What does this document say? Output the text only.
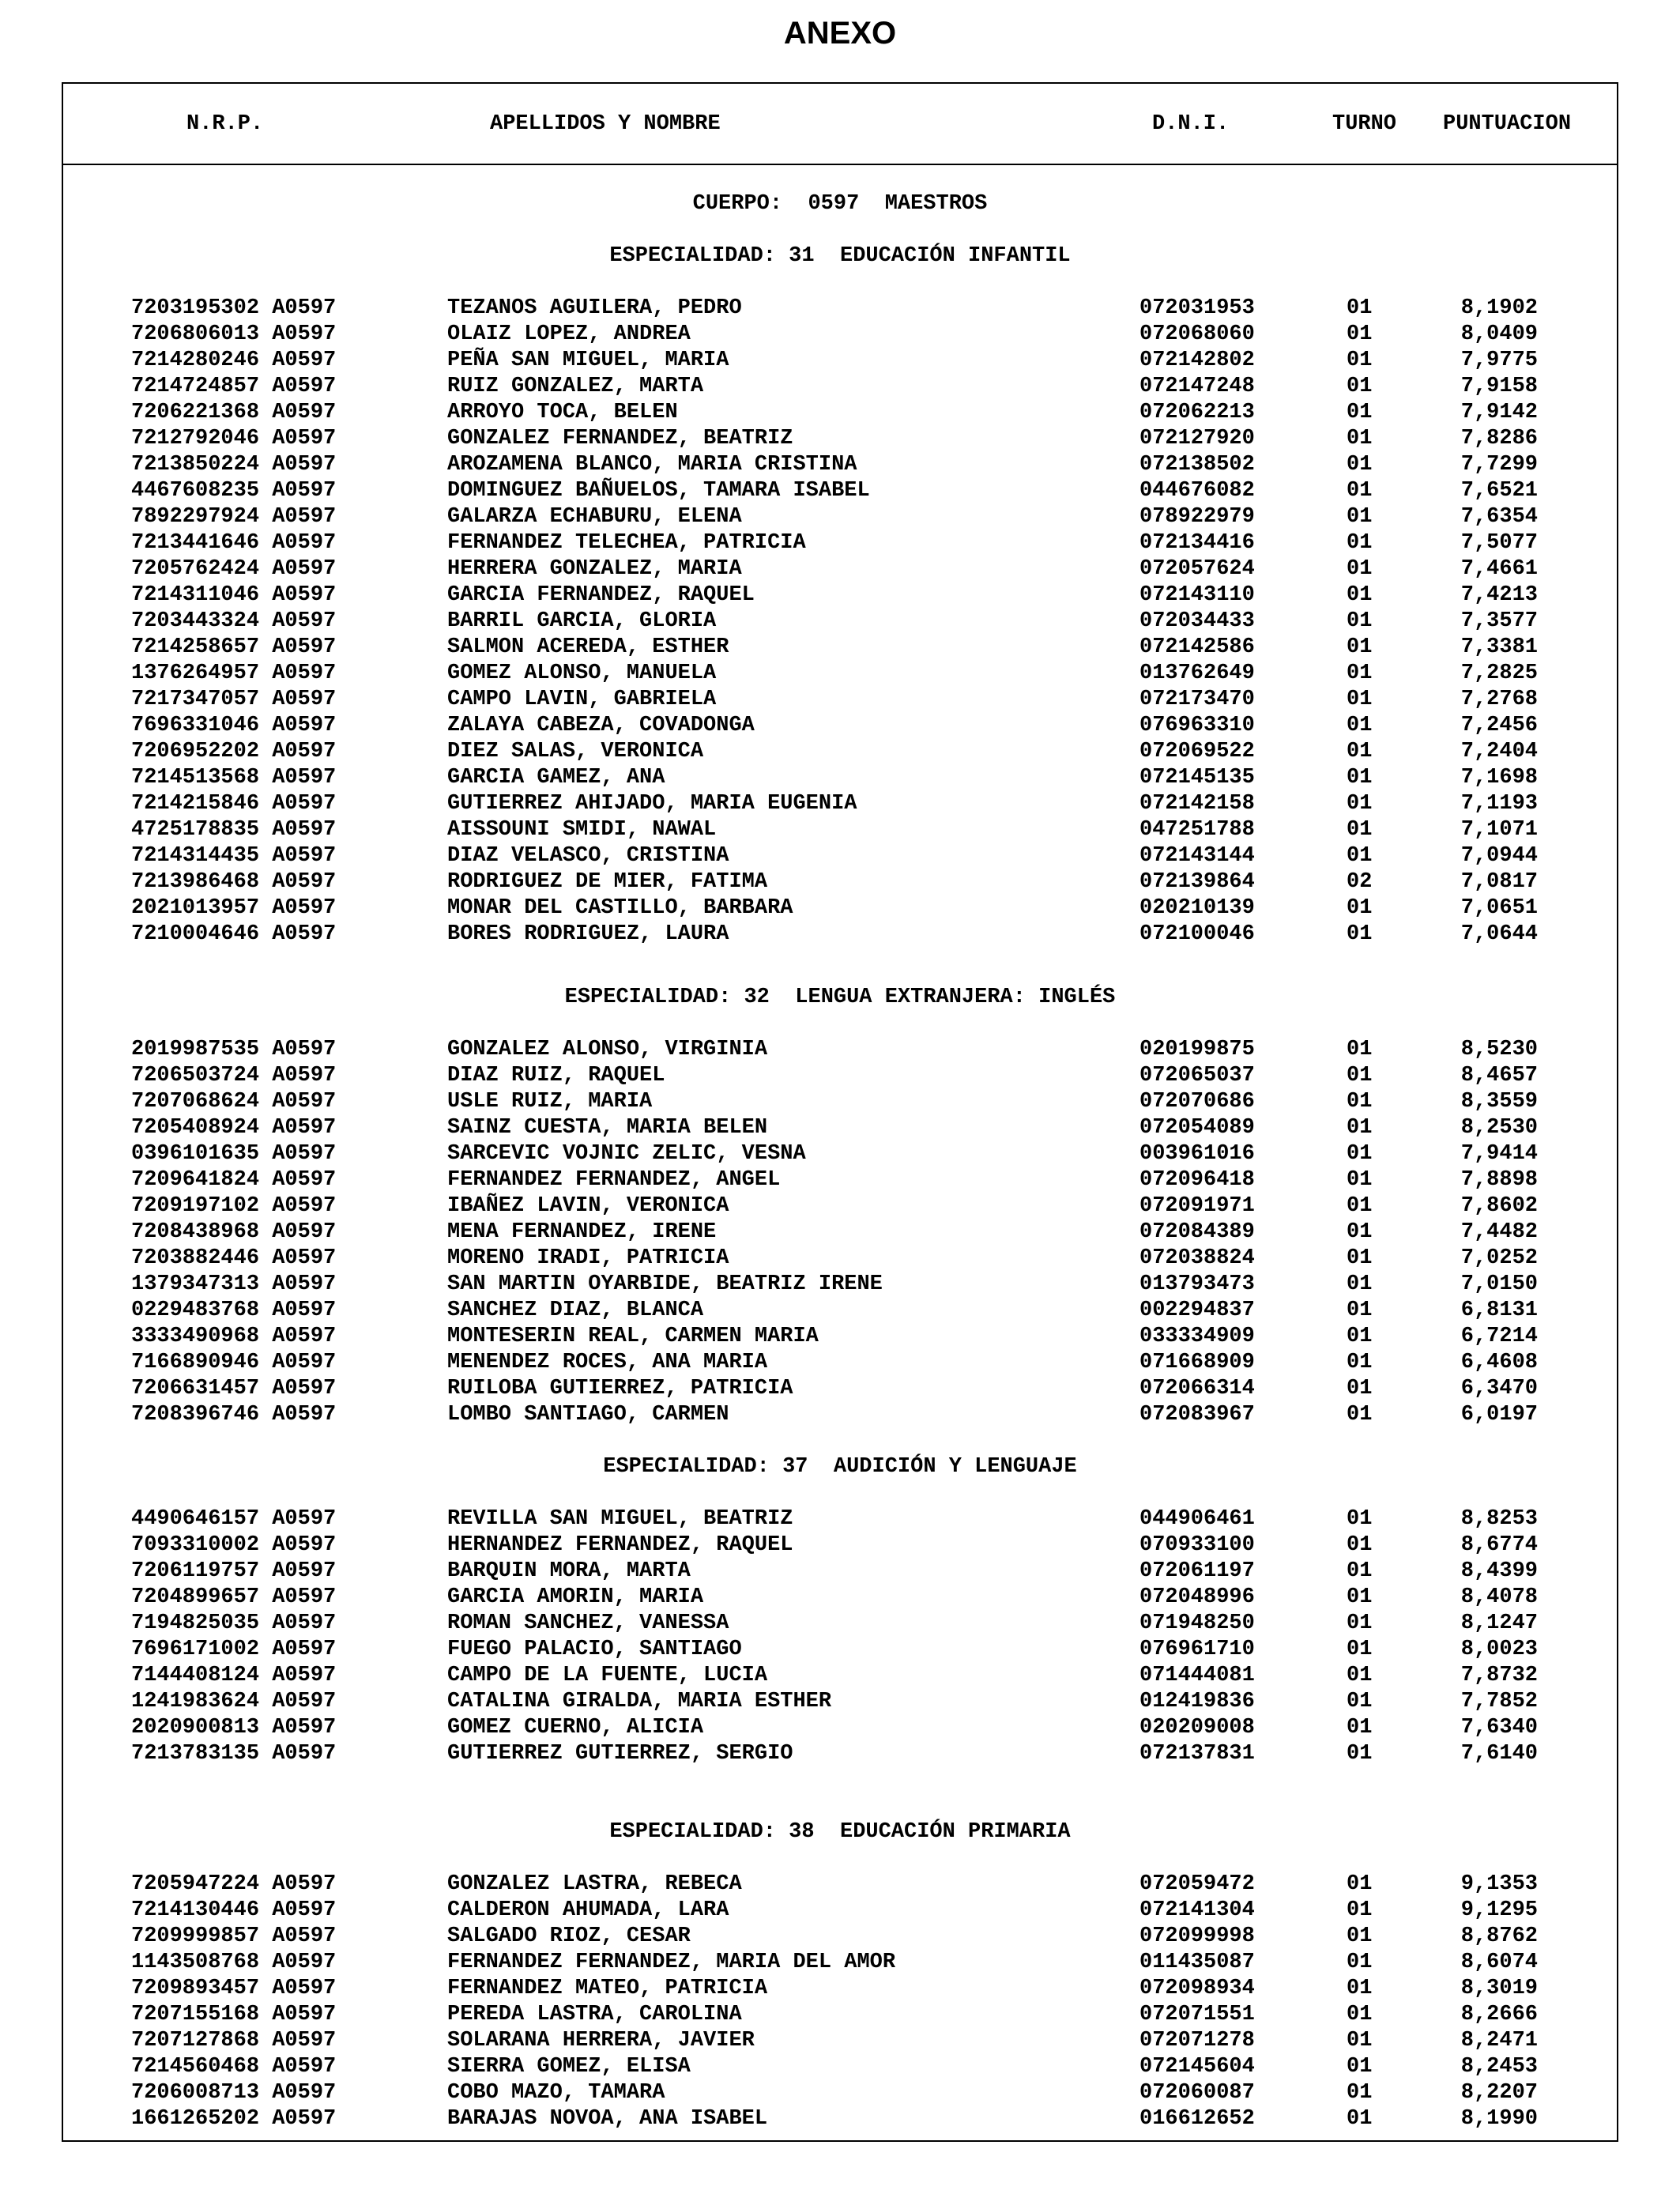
ANEXO
N.R.P.	APELLIDOS Y NOMBRE	D.N.I.	TURNO PUNTUACION
CUERPO:  0597  MAESTROS
ESPECIALIDAD: 31  EDUCACIÓN INFANTIL
7203195302 A0597	TEZANOS AGUILERA, PEDRO	072031953	01	8,1902
7206806013 A0597	OLAIZ LOPEZ, ANDREA	072068060	01	8,0409
7214280246 A0597	PEÑA SAN MIGUEL, MARIA	072142802	01	7,9775
7214724857 A0597	RUIZ GONZALEZ, MARTA	072147248	01	7,9158
7206221368 A0597	ARROYO TOCA, BELEN	072062213	01	7,9142
7212792046 A0597	GONZALEZ FERNANDEZ, BEATRIZ	072127920	01	7,8286
7213850224 A0597	AROZAMENA BLANCO, MARIA CRISTINA	072138502	01	7,7299
4467608235 A0597	DOMINGUEZ BAÑUELOS, TAMARA ISABEL	044676082	01	7,6521
7892297924 A0597	GALARZA ECHABURU, ELENA	078922979	01	7,6354
7213441646 A0597	FERNANDEZ TELECHEA, PATRICIA	072134416	01	7,5077
7205762424 A0597	HERRERA GONZALEZ, MARIA	072057624	01	7,4661
7214311046 A0597	GARCIA FERNANDEZ, RAQUEL	072143110	01	7,4213
7203443324 A0597	BARRIL GARCIA, GLORIA	072034433	01	7,3577
7214258657 A0597	SALMON ACEREDA, ESTHER	072142586	01	7,3381
1376264957 A0597	GOMEZ ALONSO, MANUELA	013762649	01	7,2825
7217347057 A0597	CAMPO LAVIN, GABRIELA	072173470	01	7,2768
7696331046 A0597	ZALAYA CABEZA, COVADONGA	076963310	01	7,2456
7206952202 A0597	DIEZ SALAS, VERONICA	072069522	01	7,2404
7214513568 A0597	GARCIA GAMEZ, ANA	072145135	01	7,1698
7214215846 A0597	GUTIERREZ AHIJADO, MARIA EUGENIA	072142158	01	7,1193
4725178835 A0597	AISSOUNI SMIDI, NAWAL	047251788	01	7,1071
7214314435 A0597	DIAZ VELASCO, CRISTINA	072143144	01	7,0944
7213986468 A0597	RODRIGUEZ DE MIER, FATIMA	072139864	02	7,0817
2021013957 A0597	MONAR DEL CASTILLO, BARBARA	020210139	01	7,0651
7210004646 A0597	BORES RODRIGUEZ, LAURA	072100046	01	7,0644
ESPECIALIDAD: 32  LENGUA EXTRANJERA: INGLÉS
2019987535 A0597	GONZALEZ ALONSO, VIRGINIA	020199875	01	8,5230
7206503724 A0597	DIAZ RUIZ, RAQUEL	072065037	01	8,4657
7207068624 A0597	USLE RUIZ, MARIA	072070686	01	8,3559
7205408924 A0597	SAINZ CUESTA, MARIA BELEN	072054089	01	8,2530
0396101635 A0597	SARCEVIC VOJNIC ZELIC, VESNA	003961016	01	7,9414
7209641824 A0597	FERNANDEZ FERNANDEZ, ANGEL	072096418	01	7,8898
7209197102 A0597	IBAÑEZ LAVIN, VERONICA	072091971	01	7,8602
7208438968 A0597	MENA FERNANDEZ, IRENE	072084389	01	7,4482
7203882446 A0597	MORENO IRADI, PATRICIA	072038824	01	7,0252
1379347313 A0597	SAN MARTIN OYARBIDE, BEATRIZ IRENE	013793473	01	7,0150
0229483768 A0597	SANCHEZ DIAZ, BLANCA	002294837	01	6,8131
3333490968 A0597	MONTESERIN REAL, CARMEN MARIA	033334909	01	6,7214
7166890946 A0597	MENENDEZ ROCES, ANA MARIA	071668909	01	6,4608
7206631457 A0597	RUILOBA GUTIERREZ, PATRICIA	072066314	01	6,3470
7208396746 A0597	LOMBO SANTIAGO, CARMEN	072083967	01	6,0197
ESPECIALIDAD: 37  AUDICIÓN Y LENGUAJE
4490646157 A0597	REVILLA SAN MIGUEL, BEATRIZ	044906461	01	8,8253
7093310002 A0597	HERNANDEZ FERNANDEZ, RAQUEL	070933100	01	8,6774
7206119757 A0597	BARQUIN MORA, MARTA	072061197	01	8,4399
7204899657 A0597	GARCIA AMORIN, MARIA	072048996	01	8,4078
7194825035 A0597	ROMAN SANCHEZ, VANESSA	071948250	01	8,1247
7696171002 A0597	FUEGO PALACIO, SANTIAGO	076961710	01	8,0023
7144408124 A0597	CAMPO DE LA FUENTE, LUCIA	071444081	01	7,8732
1241983624 A0597	CATALINA GIRALDA, MARIA ESTHER	012419836	01	7,7852
2020900813 A0597	GOMEZ CUERNO, ALICIA	020209008	01	7,6340
7213783135 A0597	GUTIERREZ GUTIERREZ, SERGIO	072137831	01	7,6140
ESPECIALIDAD: 38  EDUCACIÓN PRIMARIA
7205947224 A0597	GONZALEZ LASTRA, REBECA	072059472	01	9,1353
7214130446 A0597	CALDERON AHUMADA, LARA	072141304	01	9,1295
7209999857 A0597	SALGADO RIOZ, CESAR	072099998	01	8,8762
1143508768 A0597	FERNANDEZ FERNANDEZ, MARIA DEL AMOR	011435087	01	8,6074
7209893457 A0597	FERNANDEZ MATEO, PATRICIA	072098934	01	8,3019
7207155168 A0597	PEREDA LASTRA, CAROLINA	072071551	01	8,2666
7207127868 A0597	SOLARANA HERRERA, JAVIER	072071278	01	8,2471
7214560468 A0597	SIERRA GOMEZ, ELISA	072145604	01	8,2453
7206008713 A0597	COBO MAZO, TAMARA	072060087	01	8,2207
1661265202 A0597	BARAJAS NOVOA, ANA ISABEL	016612652	01	8,1990
